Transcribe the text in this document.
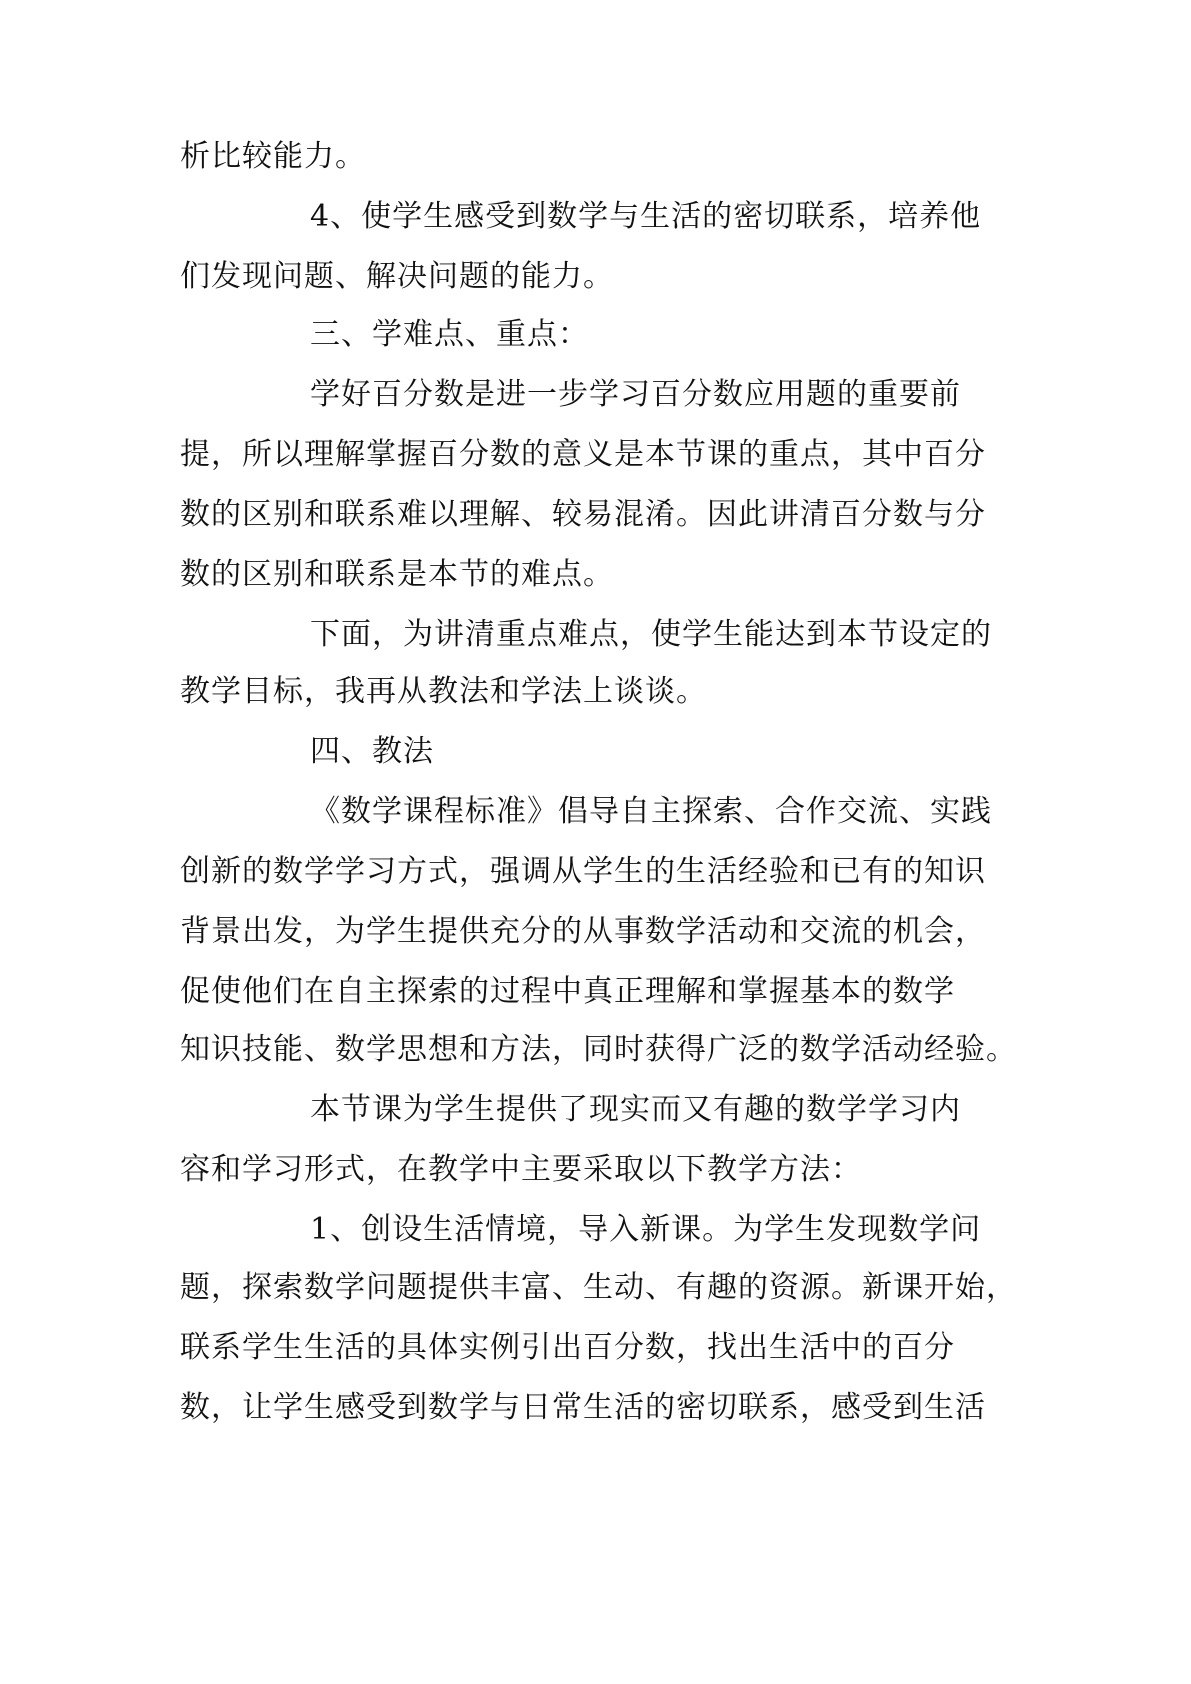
析比较能力。
4、使学生感受到数学与生活的密切联系，培养他
们发现问题、解决问题的能力。
三、学难点、重点：
学好百分数是进一步学习百分数应用题的重要前
提，所以理解掌握百分数的意义是本节课的重点，其中百分
数的区别和联系难以理解、较易混淆。因此讲清百分数与分
数的区别和联系是本节的难点。
下面，为讲清重点难点，使学生能达到本节设定的
教学目标，我再从教法和学法上谈谈。
四、教法
《数学课程标准》倡导自主探索、合作交流、实践
创新的数学学习方式，强调从学生的生活经验和已有的知识
背景出发，为学生提供充分的从事数学活动和交流的机会，
促使他们在自主探索的过程中真正理解和掌握基本的数学
知识技能、数学思想和方法，同时获得广泛的数学活动经验。
本节课为学生提供了现实而又有趣的数学学习内
容和学习形式，在教学中主要采取以下教学方法：
1、创设生活情境，导入新课。为学生发现数学问
题，探索数学问题提供丰富、生动、有趣的资源。新课开始，
联系学生生活的具体实例引出百分数，找出生活中的百分
数，让学生感受到数学与日常生活的密切联系，感受到生活
